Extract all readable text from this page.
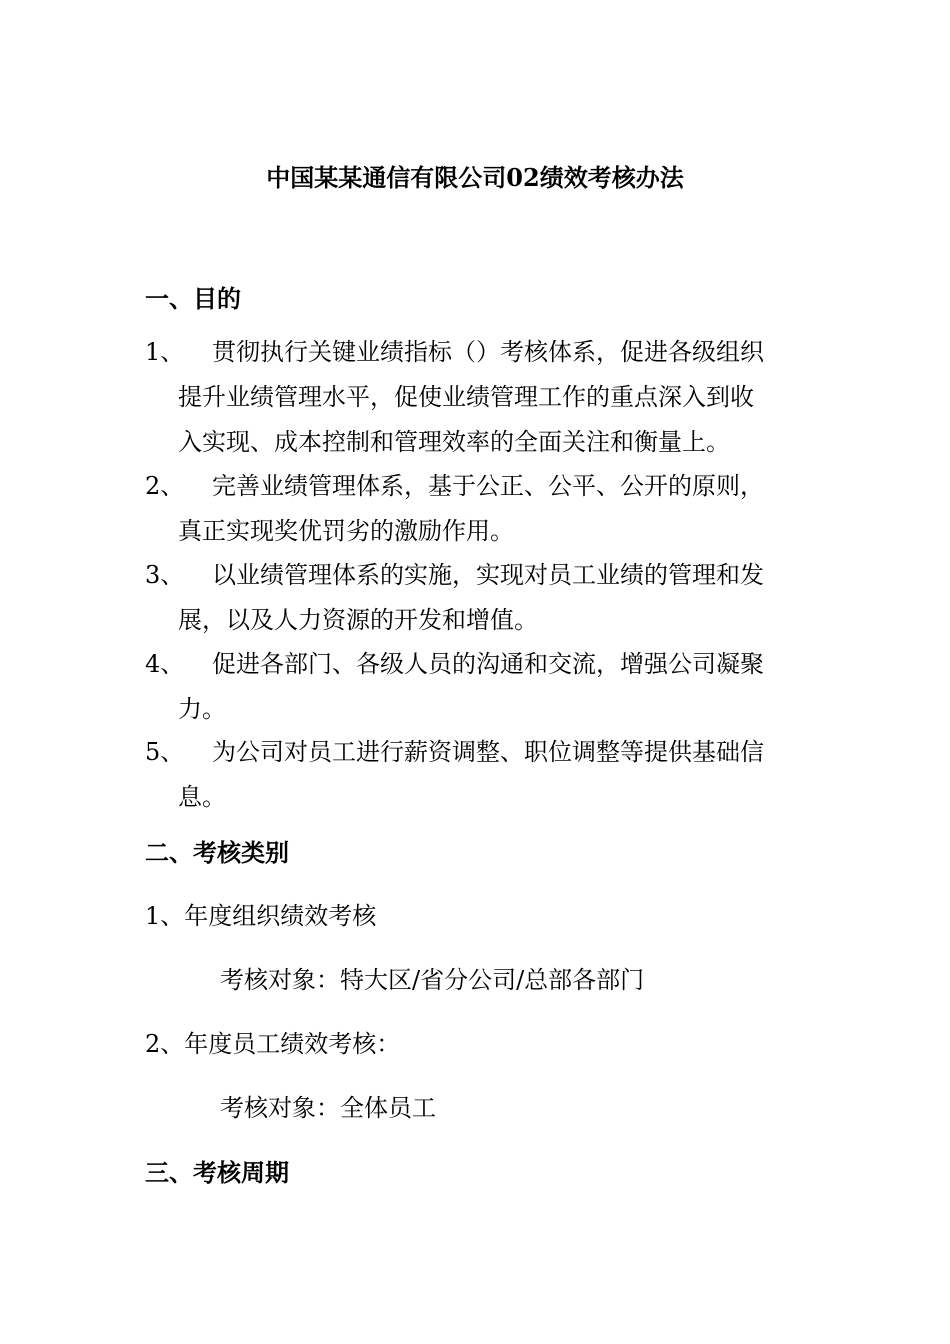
中国某某通信有限公司02绩效考核办法
一、目的
1、	贯彻执行关键业绩指标（）考核体系，促进各级组织
提升业绩管理水平，促使业绩管理工作的重点深入到收
入实现、成本控制和管理效率的全面关注和衡量上。
2、	完善业绩管理体系，基于公正、公平、公开的原则，
真正实现奖优罚劣的激励作用。
3、	以业绩管理体系的实施，实现对员工业绩的管理和发
展，以及人力资源的开发和增值。
4、	促进各部门、各级人员的沟通和交流，增强公司凝聚
力。
5、	为公司对员工进行薪资调整、职位调整等提供基础信
息。
二、考核类别
1、年度组织绩效考核
考核对象：特大区/省分公司/总部各部门
2、年度员工绩效考核：
考核对象：全体员工
三、考核周期
